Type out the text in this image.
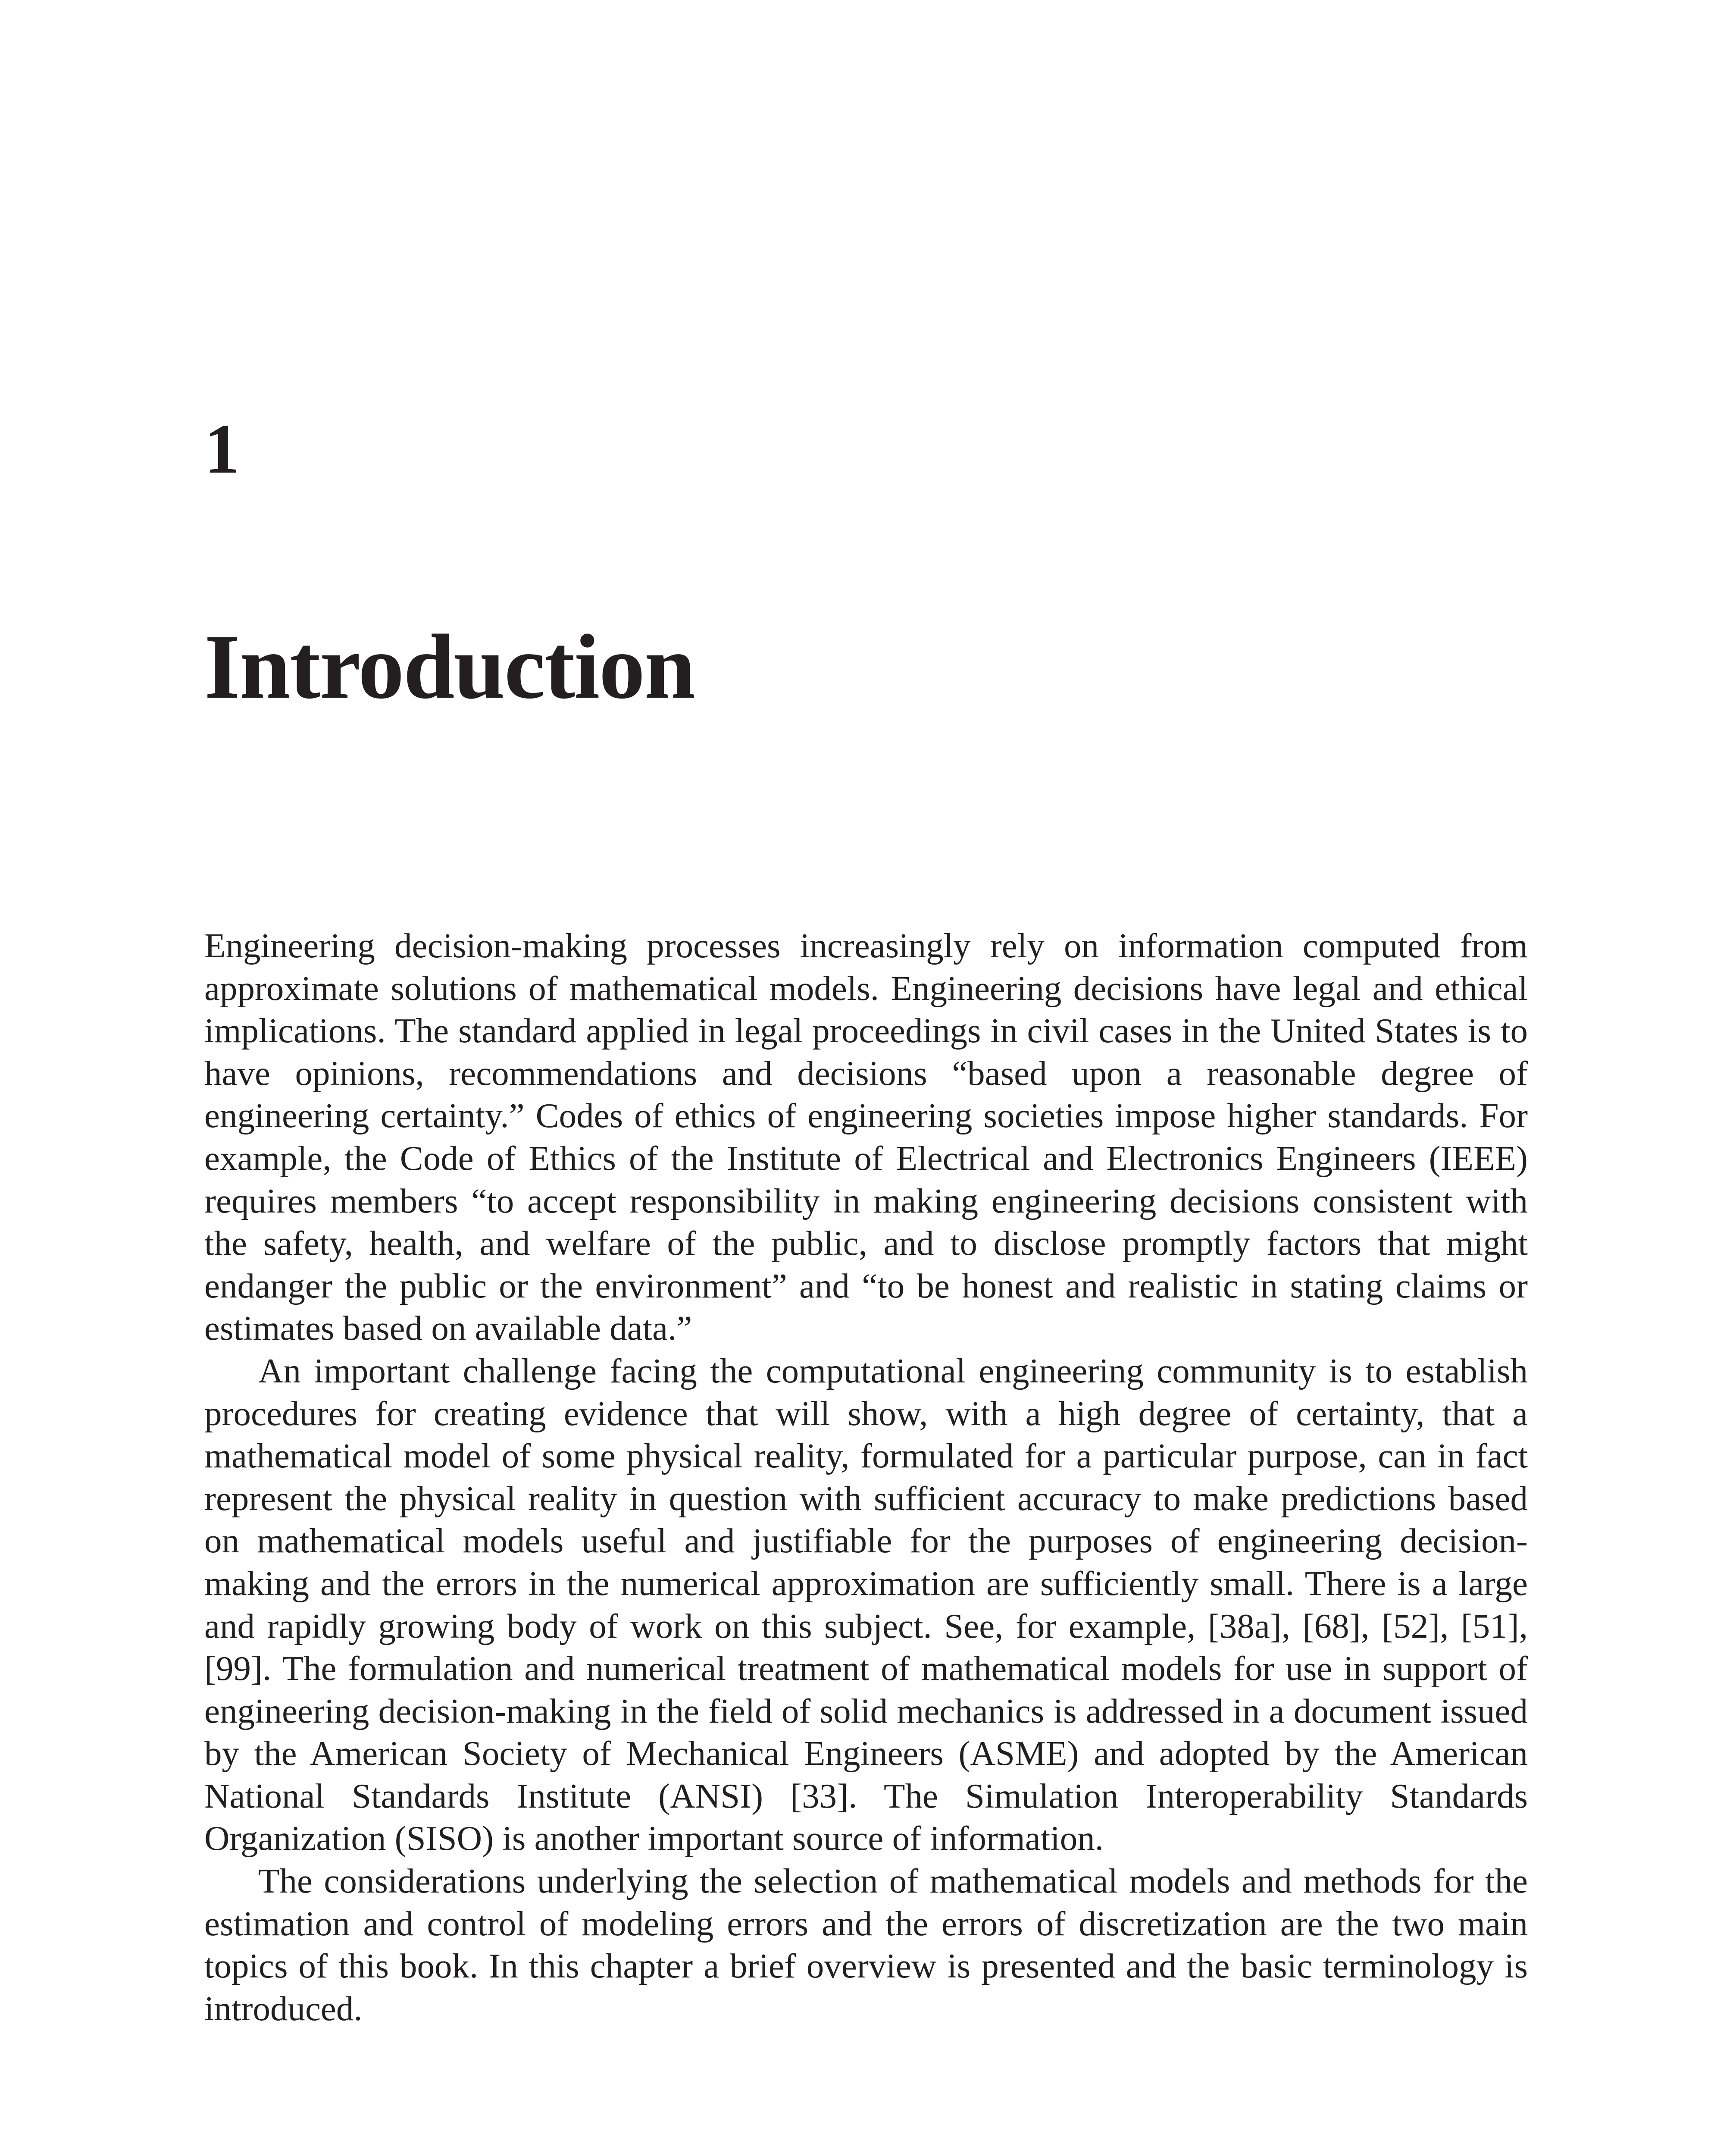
1
Introduction

Engineering decision-making processes increasingly rely on information computed from approximate solutions of mathematical models. Engineering decisions have legal and ethical implications. The standard applied in legal proceedings in civil cases in the United States is to have opinions, recommendations and decisions “based upon a reasonable degree of engineering certainty.” Codes of ethics of engineering societies impose higher standards. For example, the Code of Ethics of the Institute of Electrical and Electronics Engineers (IEEE) requires members “to accept responsibility in making engineering decisions consistent with the safety, health, and welfare of the public, and to disclose promptly factors that might endanger the public or the environment” and “to be honest and realistic in stating claims or estimates based on available data.”

An important challenge facing the computational engineering community is to establish procedures for creating evidence that will show, with a high degree of certainty, that a mathematical model of some physical reality, formulated for a particular purpose, can in fact represent the physical reality in question with sufficient accuracy to make predictions based on mathematical models useful and justifiable for the purposes of engineering decision-making and the errors in the numerical approximation are sufficiently small. There is a large and rapidly growing body of work on this subject. See, for example, [38a], [68], [52], [51], [99]. The formulation and numerical treatment of mathematical models for use in support of engineering decision-making in the field of solid mechanics is addressed in a document issued by the American Society of Mechanical Engineers (ASME) and adopted by the American National Standards Institute (ANSI) [33]. The Simulation Interoperability Standards Organization (SISO) is another important source of information.

The considerations underlying the selection of mathematical models and methods for the estimation and control of modeling errors and the errors of discretization are the two main topics of this book. In this chapter a brief overview is presented and the basic terminology is introduced.
